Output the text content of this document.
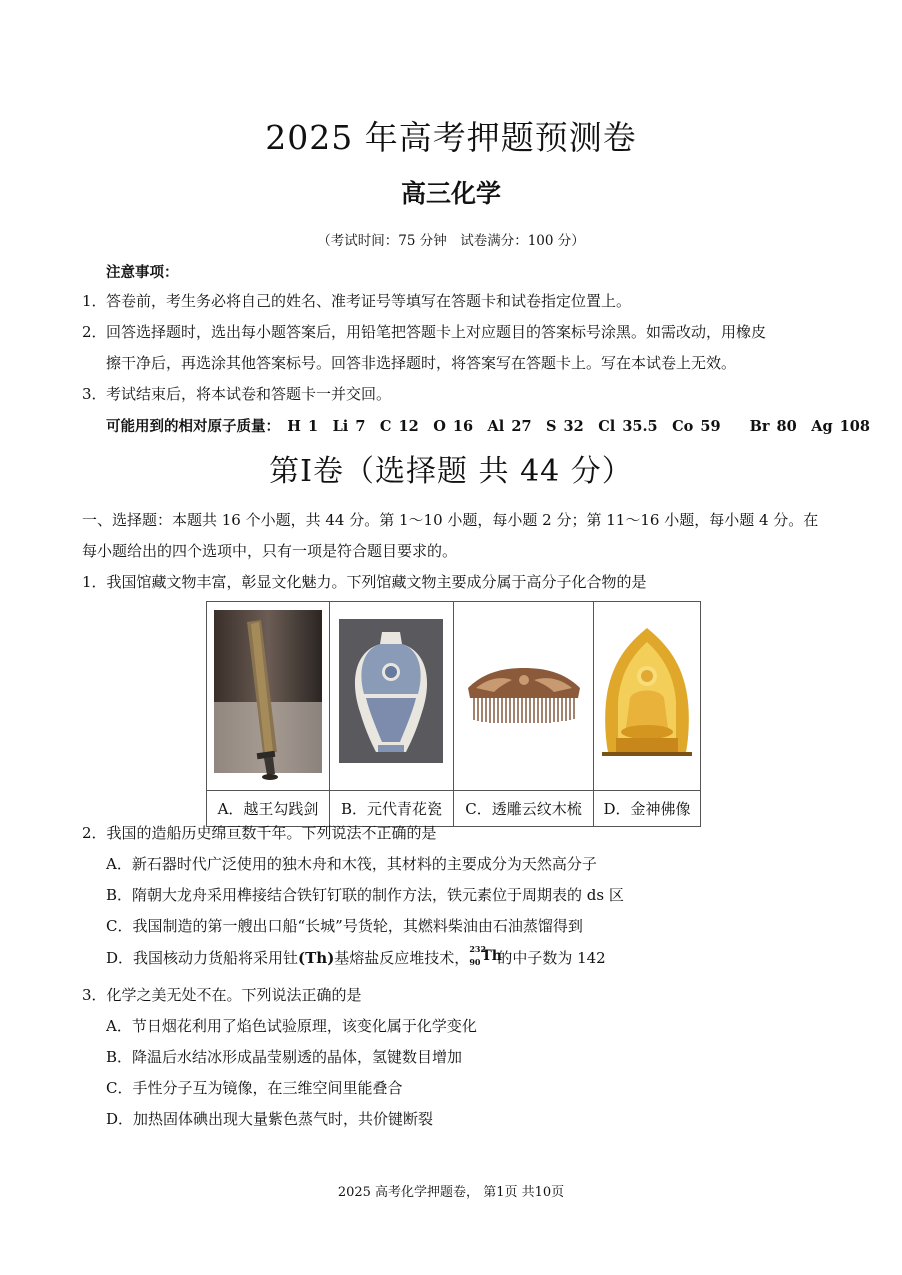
2025 年高考押题预测卷
高三化学
（考试时间：75 分钟　试卷满分：100 分）
注意事项：
1．答卷前，考生务必将自己的姓名、准考证号等填写在答题卡和试卷指定位置上。
2．回答选择题时，选出每小题答案后，用铅笔把答题卡上对应题目的答案标号涂黑。如需改动，用橡皮
擦干净后，再选涂其他答案标号。回答非选择题时，将答案写在答题卡上。写在本试卷上无效。
3．考试结束后，将本试卷和答题卡一并交回。
可能用到的相对原子质量：　H 1　Li 7　C 12　O 16　Al 27　S 32　Cl 35.5　Co 59　　Br 80　Ag 108
第Ⅰ卷（选择题 共 44 分）
一、选择题：本题共 16 个小题，共 44 分。第 1～10 小题，每小题 2 分；第 11～16 小题，每小题 4 分。在
每小题给出的四个选项中，只有一项是符合题目要求的。
1．我国馆藏文物丰富，彰显文化魅力。下列馆藏文物主要成分属于高分子化合物的是

A．越王勾践剑	B．元代青花瓷	C．透雕云纹木梳	D．金神佛像
2．我国的造船历史绵亘数千年。下列说法不正确的是
A．新石器时代广泛使用的独木舟和木筏，其材料的主要成分为天然高分子
B．隋朝大龙舟采用榫接结合铁钉钉联的制作方法，铁元素位于周期表的 ds 区
C．我国制造的第一艘出口船“长城”号货轮，其燃料柴油由石油蒸馏得到
D．我国核动力货船将采用钍(Th)基熔盐反应堆技术， 232
90 Th
的中子数为 142
3．化学之美无处不在。下列说法正确的是
A．节日烟花利用了焰色试验原理，该变化属于化学变化
B．降温后水结冰形成晶莹剔透的晶体，氢键数目增加
C．手性分子互为镜像，在三维空间里能叠合
D．加热固体碘出现大量紫色蒸气时，共价键断裂
2025 高考化学押题卷， 第1页 共10页
